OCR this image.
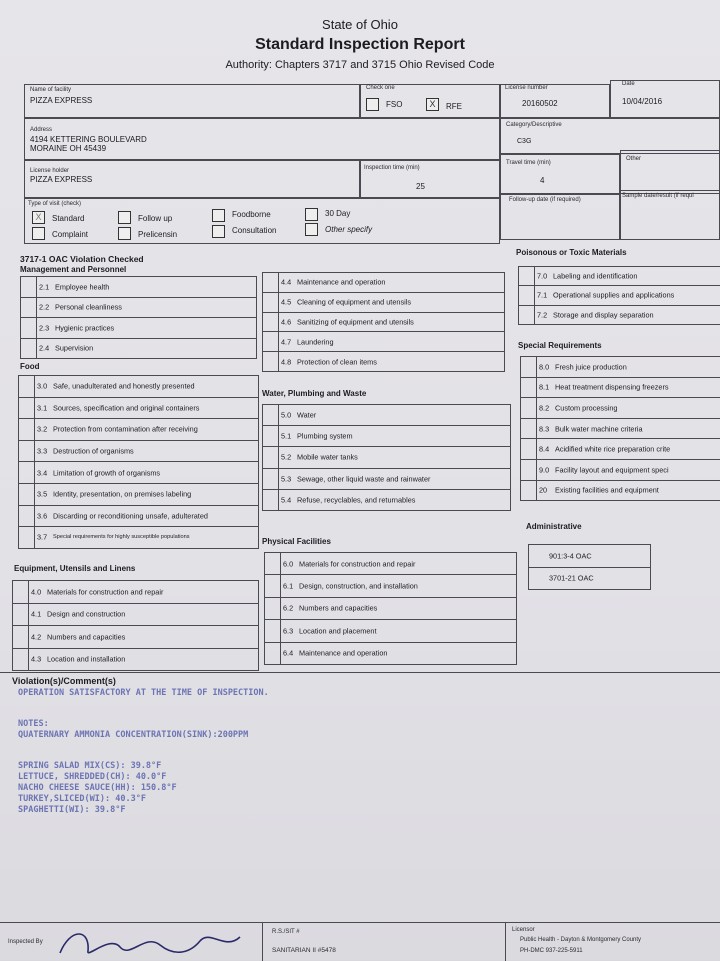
State of Ohio
Standard Inspection Report
Authority: Chapters 3717 and 3715 Ohio Revised Code
Name of facility
PIZZA EXPRESS
Check one
FSO	X	RFE
License number
20160502
Date
10/04/2016
Address
4194 KETTERING BOULEVARD
MORAINE OH 45439
Category/Descriptive
C3G
License holder
PIZZA EXPRESS
Inspection time (min)
25
Travel time (min)
4
Other
Type of visit (check)
Follow-up date (if required)
Sample date/result (if requi
X	Standard
Complaint
Follow up
Prelicensin
Foodborne
Consultation
30 Day
Other specify
3717-1 OAC Violation Checked
Management and Personnel
Food
Equipment, Utensils and Linens
Water, Plumbing and Waste
Physical Facilities
Poisonous or Toxic Materials
Special Requirements
Administrative
2.1 Employee health
2.2 Personal cleanliness
2.3 Hygienic practices
2.4 Supervision
3.0 Safe, unadulterated and honestly presented
3.1 Sources, specification and original containers
3.2 Protection from contamination after receiving
3.3 Destruction of organisms
3.4 Limitation of growth of organisms
3.5 Identity, presentation, on premises labeling
3.6 Discarding or reconditioning unsafe, adulterated
3.7 Special requirements for highly susceptible populations
4.0 Materials for construction and repair
4.1 Design and construction
4.2 Numbers and capacities
4.3 Location and installation
4.4 Maintenance and operation
4.5 Cleaning of equipment and utensils
4.6 Sanitizing of equipment and utensils
4.7 Laundering
4.8 Protection of clean items
5.0 Water
5.1 Plumbing system
5.2 Mobile water tanks
5.3 Sewage, other liquid waste and rainwater
5.4 Refuse, recyclables, and returnables
6.0 Materials for construction and repair
6.1 Design, construction, and installation
6.2 Numbers and capacities
6.3 Location and placement
6.4 Maintenance and operation
7.0 Labeling and identification
7.1 Operational supplies and applications
7.2 Storage and display separation
8.0 Fresh juice production
8.1 Heat treatment dispensing freezers
8.2 Custom processing
8.3 Bulk water machine criteria
8.4 Acidified white rice preparation crite
9.0 Facility layout and equipment speci
20 Existing facilities and equipment
901:3-4 OAC
3701-21 OAC
Violation(s)/Comment(s)
OPERATION SATISFACTORY AT THE TIME OF INSPECTION.
NOTES:
QUATERNARY AMMONIA CONCENTRATION(SINK):200PPM
SPRING SALAD MIX(CS): 39.8°F
LETTUCE, SHREDDED(CH): 40.0°F
NACHO CHEESE SAUCE(HH): 150.8°F
TURKEY,SLICED(WI): 40.3°F
SPAGHETTI(WI): 39.8°F
Inspected By
R.S./SIT #
SANITARIAN II #5478
Licensor
Public Health - Dayton & Montgomery County
PH-DMC 937-225-5911
